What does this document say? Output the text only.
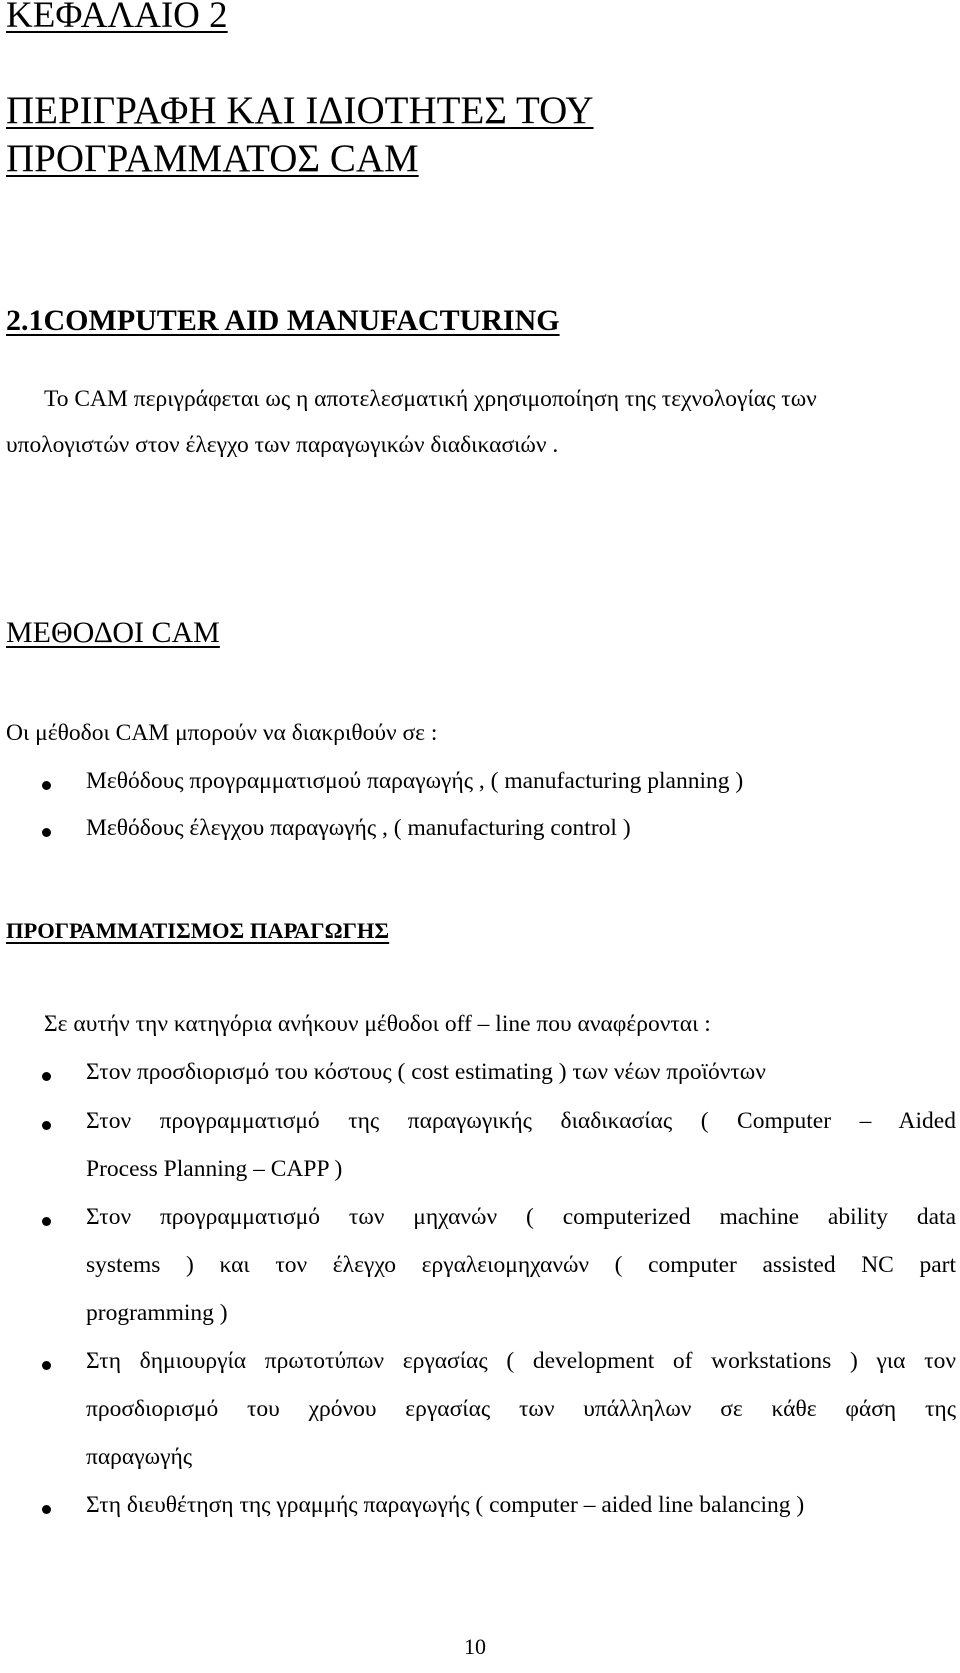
ΚΕΦΑΛΑΙΟ 2
ΠΕΡΙΓΡΑΦΗ ΚΑΙ ΙΔΙΟΤΗΤΕΣ ΤΟΥ
ΠΡΟΓΡΑΜΜΑΤΟΣ CAM
2.1COMPUTER AID MANUFACTURING
Το CAM περιγράφεται ως η αποτελεσματική χρησιμοποίηση της τεχνολογίας των
υπολογιστών στον έλεγχο των παραγωγικών διαδικασιών .
ΜΕΘΟΔΟΙ CAM
Οι μέθοδοι CAM μπορούν να διακριθούν σε :
Μεθόδους προγραμματισμού παραγωγής , ( manufacturing planning )
Μεθόδους έλεγχου παραγωγής , ( manufacturing control )
ΠΡΟΓΡΑΜΜΑΤΙΣΜΟΣ ΠΑΡΑΓΩΓΗΣ
Σε αυτήν την κατηγόρια ανήκουν μέθοδοι off – line που αναφέρονται :
Στον προσδιορισμό του κόστους ( cost estimating ) των νέων προϊόντων
Στον προγραμματισμό της παραγωγικής διαδικασίας ( Computer – Aided
Process Planning – CAPP )
Στον προγραμματισμό των μηχανών ( computerized machine ability data
systems ) και τον έλεγχο εργαλειομηχανών ( computer assisted NC part
programming )
Στη δημιουργία πρωτοτύπων εργασίας ( development of workstations ) για τον
προσδιορισμό του χρόνου εργασίας των υπάλληλων σε κάθε φάση της
παραγωγής
Στη διευθέτηση της γραμμής παραγωγής ( computer – aided line balancing )
10
